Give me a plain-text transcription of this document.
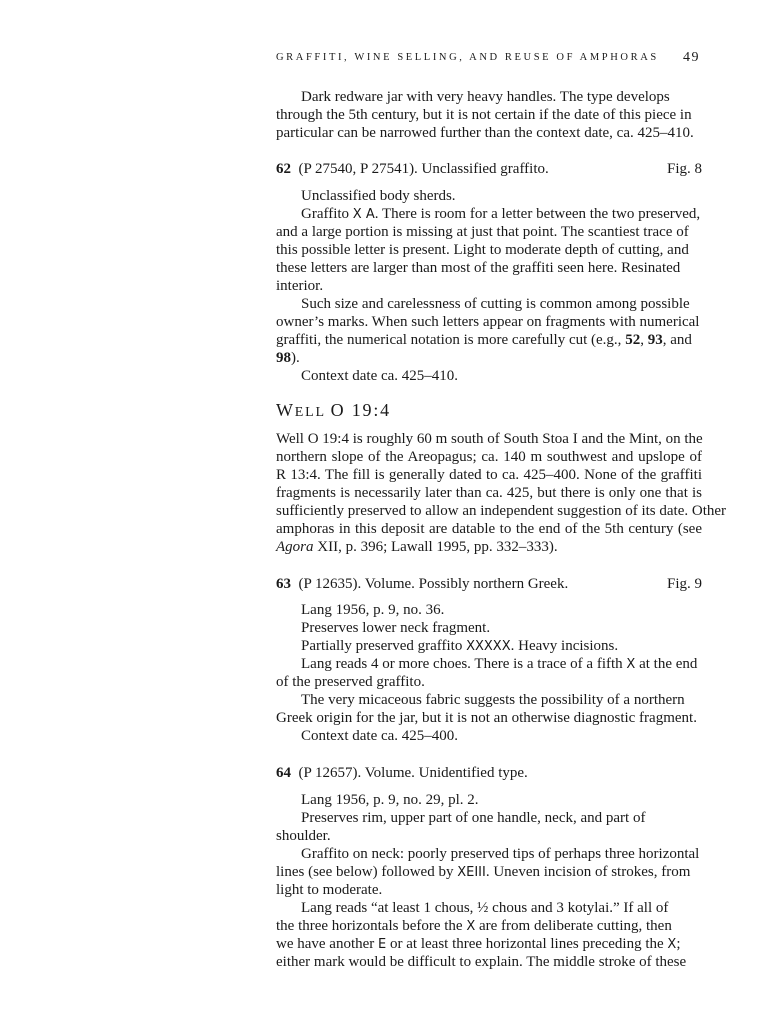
GRAFFITI, WINE SELLING, AND REUSE OF AMPHORAS 49
Dark redware jar with very heavy handles. The type develops
through the 5th century, but it is not certain if the date of this piece in
particular can be narrowed further than the context date, ca. 425–410.
62 (P 27540, P 27541). Unclassified graffito.	Fig. 8
Unclassified body sherds.
Graffito X A. There is room for a letter between the two preserved,
and a large portion is missing at just that point. The scantiest trace of
this possible letter is present. Light to moderate depth of cutting, and
these letters are larger than most of the graffiti seen here. Resinated
interior.
Such size and carelessness of cutting is common among possible
owner’s marks. When such letters appear on fragments with numerical
graffiti, the numerical notation is more carefully cut (e.g., 52, 93, and
98).
Context date ca. 425–410.
WELL O 19:4
Well O 19:4 is roughly 60 m south of South Stoa I and the Mint, on the
northern slope of the Areopagus; ca. 140 m southwest and upslope of
R 13:4. The fill is generally dated to ca. 425–400. None of the graffiti
fragments is necessarily later than ca. 425, but there is only one that is
sufficiently preserved to allow an independent suggestion of its date. Other
amphoras in this deposit are datable to the end of the 5th century (see
Agora XII, p. 396; Lawall 1995, pp. 332–333).
63 (P 12635). Volume. Possibly northern Greek.	Fig. 9
Lang 1956, p. 9, no. 36.
Preserves lower neck fragment.
Partially preserved graffito XXXXX. Heavy incisions.
Lang reads 4 or more choes. There is a trace of a fifth X at the end
of the preserved graffito.
The very micaceous fabric suggests the possibility of a northern
Greek origin for the jar, but it is not an otherwise diagnostic fragment.
Context date ca. 425–400.
64 (P 12657). Volume. Unidentified type.
Lang 1956, p. 9, no. 29, pl. 2.
Preserves rim, upper part of one handle, neck, and part of
shoulder.
Graffito on neck: poorly preserved tips of perhaps three horizontal
lines (see below) followed by XEIII. Uneven incision of strokes, from
light to moderate.
Lang reads “at least 1 chous, ½ chous and 3 kotylai.” If all of
the three horizontals before the X are from deliberate cutting, then
we have another E or at least three horizontal lines preceding the X;
either mark would be difficult to explain. The middle stroke of these
